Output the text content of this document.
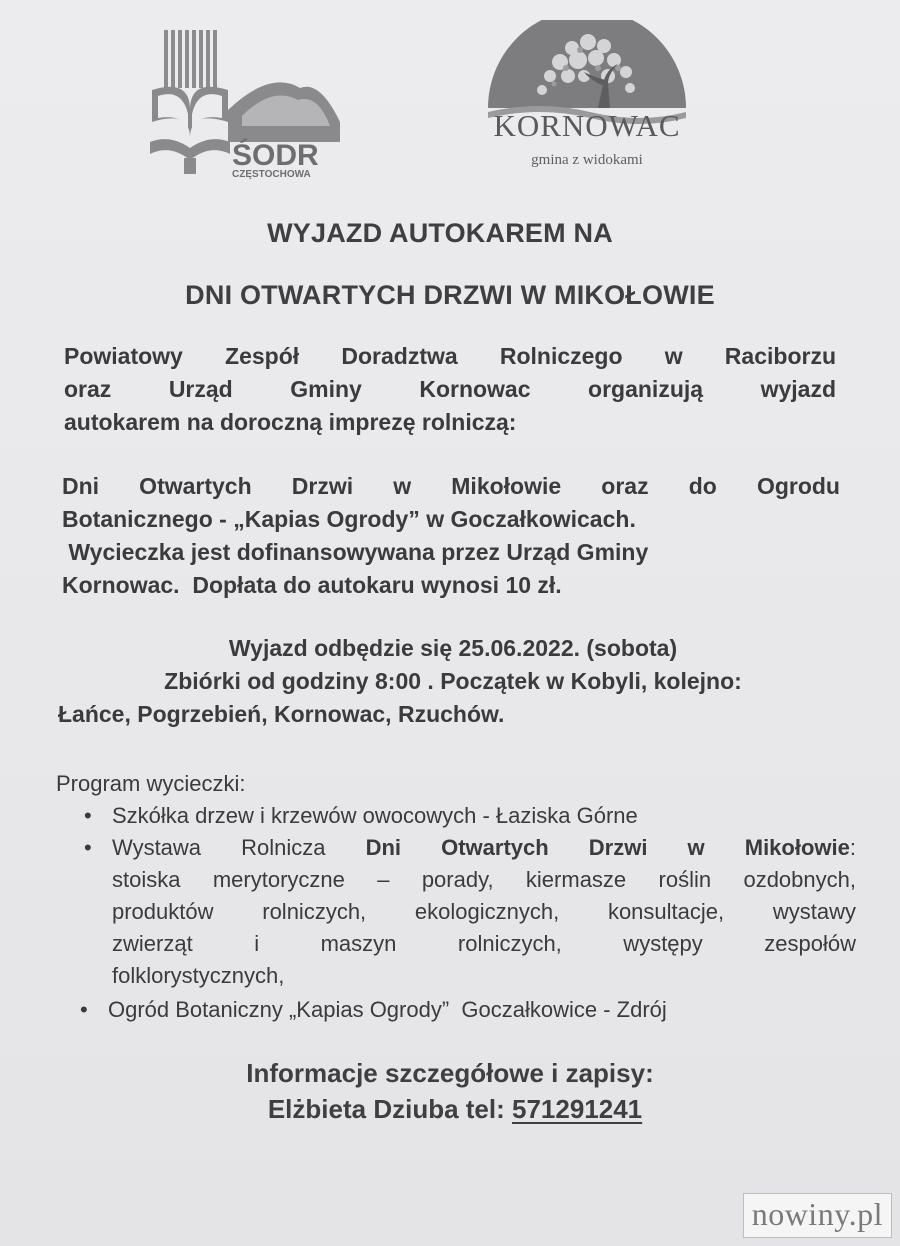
ŚODR
CZĘSTOCHOWA
KORNOWAC
gmina z widokami
WYJAZD AUTOKAREM NA
DNI OTWARTYCH DRZWI W MIKOŁOWIE
Powiatowy Zespół Doradztwa Rolniczego w Raciborzu
oraz Urząd Gminy Kornowac organizują wyjazd
autokarem na doroczną imprezę rolniczą:
Dni Otwartych Drzwi w Mikołowie oraz do Ogrodu
Botanicznego - „Kapias Ogrody” w Goczałkowicach.
Wycieczka jest dofinansowywana przez Urząd Gminy
Kornowac.  Dopłata do autokaru wynosi 10 zł.
Wyjazd odbędzie się 25.06.2022. (sobota)
Zbiórki od godziny 8:00 . Początek w Kobyli, kolejno:
Łańce, Pogrzebień, Kornowac, Rzuchów.
Program wycieczki:
• Szkółka drzew i krzewów owocowych - Łaziska Górne
• Wystawa Rolnicza Dni Otwartych Drzwi w Mikołowie:
stoiska merytoryczne – porady, kiermasze roślin ozdobnych,
produktów rolniczych, ekologicznych, konsultacje, wystawy
zwierząt i maszyn rolniczych, występy zespołów
folklorystycznych,
• Ogród Botaniczny „Kapias Ogrody”  Goczałkowice - Zdrój
Informacje szczegółowe i zapisy:
Elżbieta Dziuba tel: 571291241
nowiny.pl
